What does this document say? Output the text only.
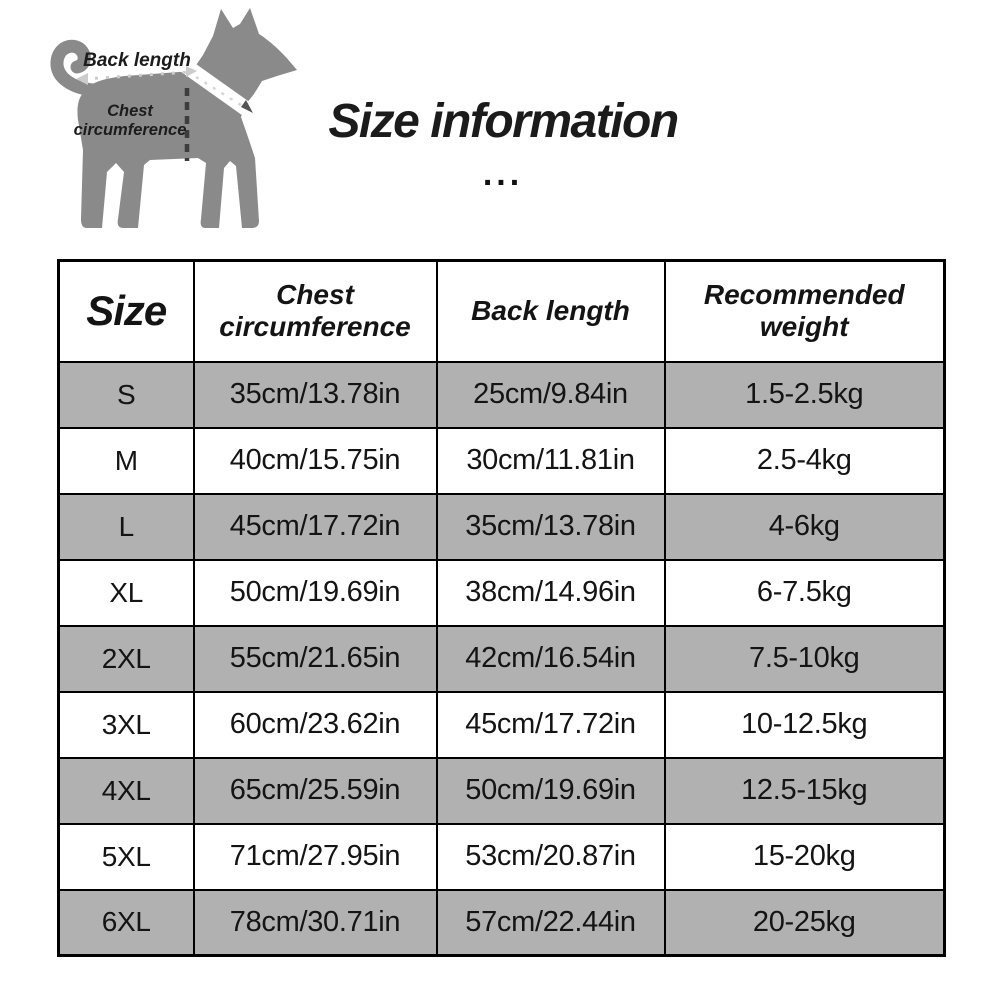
Back length
Chest
circumference	Size information
...
Size	Chest circumference	Back length	Recommended weight
S	35cm/13.78in	25cm/9.84in	1.5-2.5kg
M	40cm/15.75in	30cm/11.81in	2.5-4kg
L	45cm/17.72in	35cm/13.78in	4-6kg
XL	50cm/19.69in	38cm/14.96in	6-7.5kg
2XL	55cm/21.65in	42cm/16.54in	7.5-10kg
3XL	60cm/23.62in	45cm/17.72in	10-12.5kg
4XL	65cm/25.59in	50cm/19.69in	12.5-15kg
5XL	71cm/27.95in	53cm/20.87in	15-20kg
6XL	78cm/30.71in	57cm/22.44in	20-25kg
